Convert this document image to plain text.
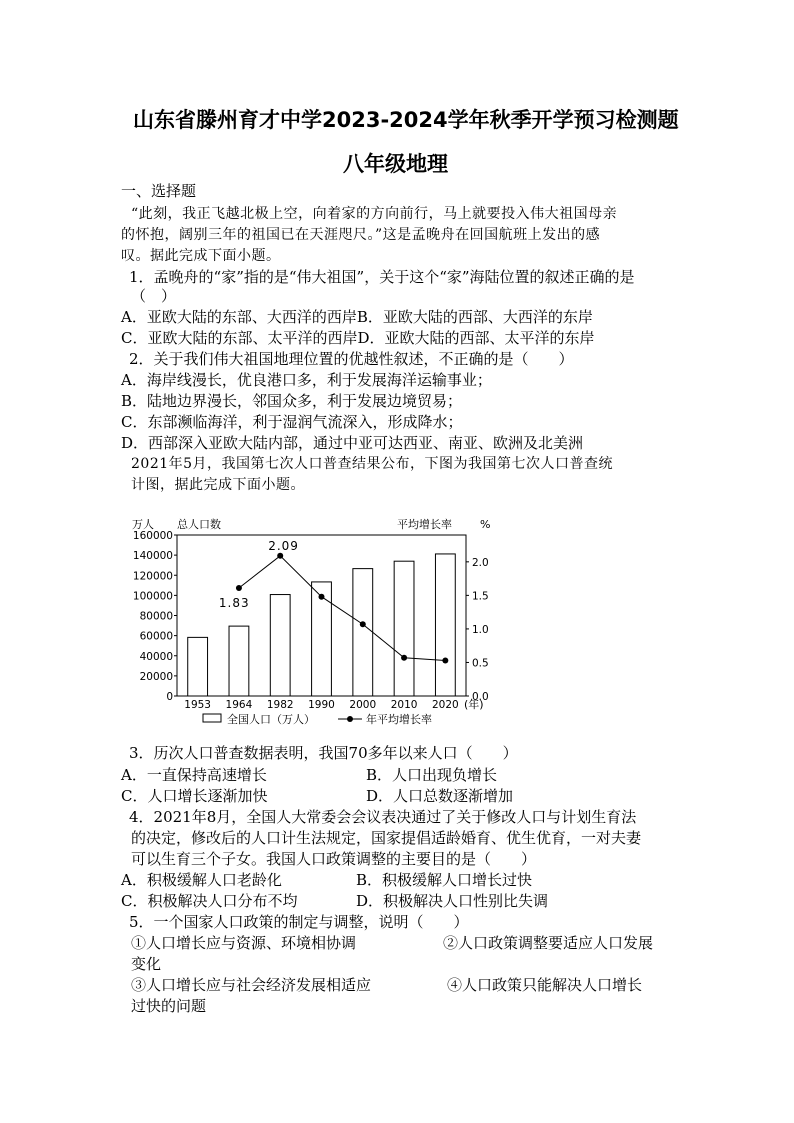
山东省滕州育才中学2023-2024学年秋季开学预习检测题
八年级地理
一、选择题
“此刻，我正飞越北极上空，向着家的方向前行，马上就要投入伟大祖国母亲
的怀抱，阔别三年的祖国已在天涯咫尺。”这是孟晚舟在回国航班上发出的感
叹。据此完成下面小题。
1．孟晚舟的“家”指的是“伟大祖国”，关于这个“家”海陆位置的叙述正确的是
（　）
A．亚欧大陆的东部、大西洋的西岸B．亚欧大陆的西部、大西洋的东岸
C．亚欧大陆的东部、太平洋的西岸D．亚欧大陆的西部、太平洋的东岸
2．关于我们伟大祖国地理位置的优越性叙述，不正确的是（　　）
A．海岸线漫长，优良港口多，利于发展海洋运输事业；
B．陆地边界漫长，邻国众多，利于发展边境贸易；
C．东部濒临海洋，利于湿润气流深入，形成降水；
D．西部深入亚欧大陆内部，通过中亚可达西亚、南亚、欧洲及北美洲
2021年5月，我国第七次人口普查结果公布，下图为我国第七次人口普查统
计图，据此完成下面小题。
万人 总人口数	平均增长率	%
(年)
全国人口（万人）	年平均增长率
160000
140000
120000
100000
80000
60000
40000
20000
0
2.0
1.5
1.0
0.5
0.0
1953 1964 1982 1990 2000 2010 2020
1.83
2.09
3．历次人口普查数据表明，我国70多年以来人口（　　）
A．一直保持高速增长	B．人口出现负增长
C．人口增长逐渐加快	D．人口总数逐渐增加
4．2021年8月，全国人大常委会会议表决通过了关于修改人口与计划生育法
的决定，修改后的人口计生法规定，国家提倡适龄婚育、优生优育，一对夫妻
可以生育三个子女。我国人口政策调整的主要目的是（　　）
A．积极缓解人口老龄化	B．积极缓解人口增长过快
C．积极解决人口分布不均	D．积极解决人口性别比失调
5．一个国家人口政策的制定与调整，说明（　　）
①人口增长应与资源、环境相协调	②人口政策调整要适应人口发展
变化
③人口增长应与社会经济发展相适应	④人口政策只能解决人口增长
过快的问题
